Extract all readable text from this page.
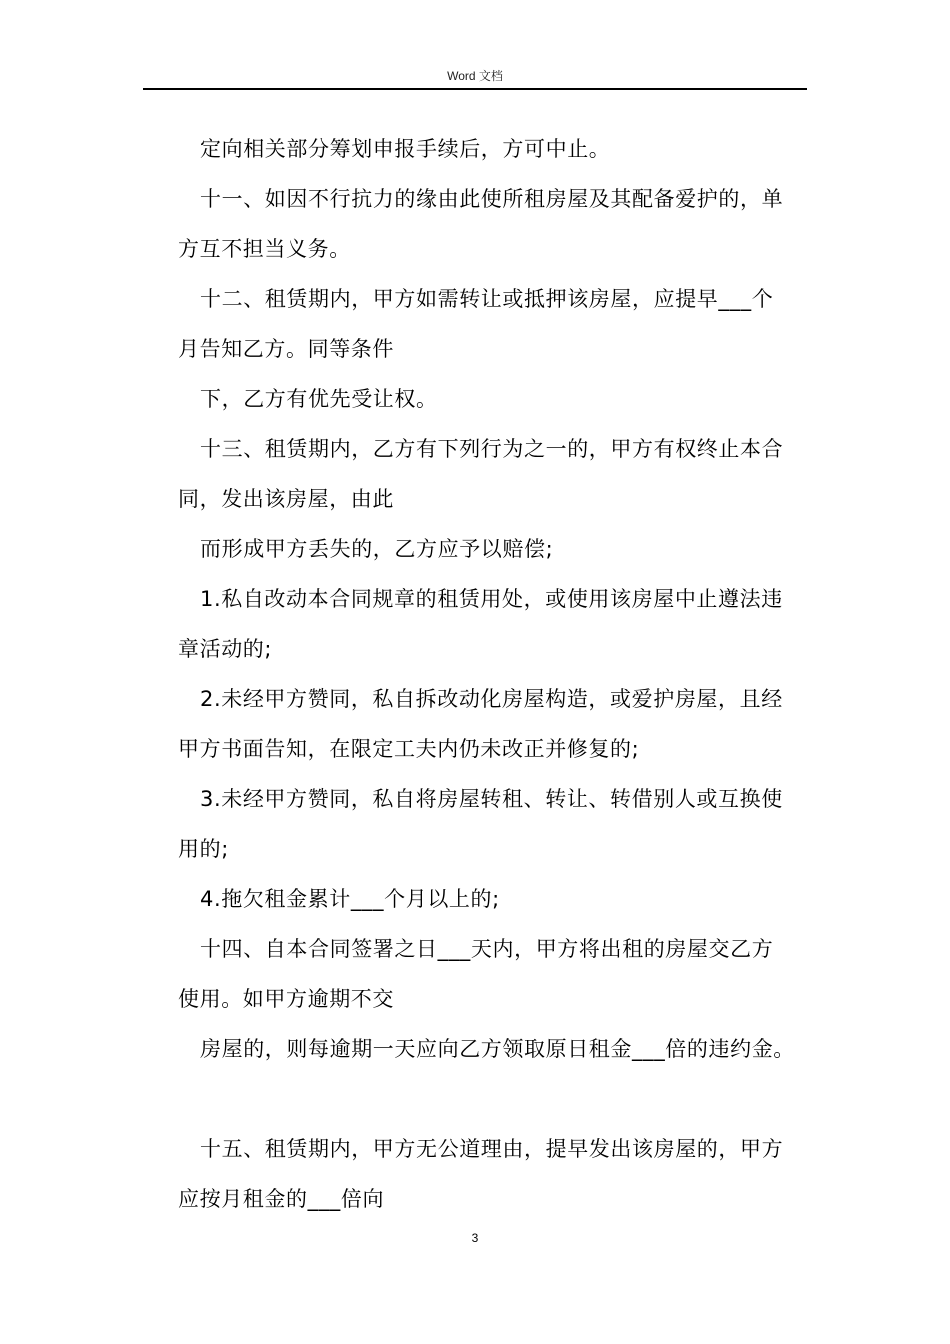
Word 文档
定向相关部分筹划申报手续后，方可中止。
十一、如因不行抗力的缘由此使所租房屋及其配备爱护的，单
方互不担当义务。
十二、租赁期内，甲方如需转让或抵押该房屋，应提早___个
月告知乙方。同等条件
下，乙方有优先受让权。
十三、租赁期内，乙方有下列行为之一的，甲方有权终止本合
同，发出该房屋，由此
而形成甲方丢失的，乙方应予以赔偿;
1.私自改动本合同规章的租赁用处，或使用该房屋中止遵法违
章活动的;
2.未经甲方赞同，私自拆改动化房屋构造，或爱护房屋，且经
甲方书面告知，在限定工夫内仍未改正并修复的;
3.未经甲方赞同，私自将房屋转租、转让、转借别人或互换使
用的;
4.拖欠租金累计___个月以上的;
十四、自本合同签署之日___天内，甲方将出租的房屋交乙方
使用。如甲方逾期不交
房屋的，则每逾期一天应向乙方领取原日租金___倍的违约金。
十五、租赁期内，甲方无公道理由，提早发出该房屋的，甲方
应按月租金的___倍向
3
